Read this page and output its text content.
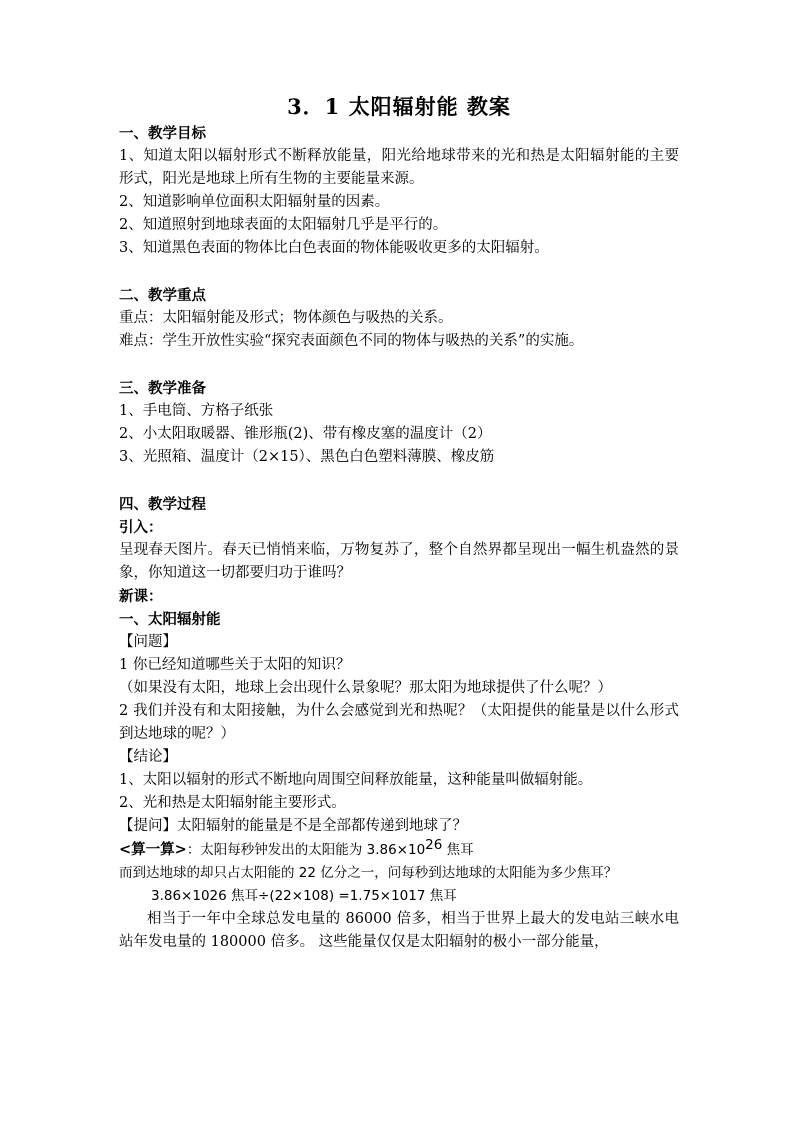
3．1 太阳辐射能 教案

一、教学目标

1、知道太阳以辐射形式不断释放能量，阳光给地球带来的光和热是太阳辐射能的主要形式，阳光是地球上所有生物的主要能量来源。

2、知道影响单位面积太阳辐射量的因素。

2、知道照射到地球表面的太阳辐射几乎是平行的。

3、知道黑色表面的物体比白色表面的物体能吸收更多的太阳辐射。

二、教学重点

重点：太阳辐射能及形式；物体颜色与吸热的关系。

难点：学生开放性实验“探究表面颜色不同的物体与吸热的关系”的实施。

三、教学准备

1、手电筒、方格子纸张

2、小太阳取暖器、锥形瓶(2)、带有橡皮塞的温度计（2）

3、光照箱、温度计（2×15）、黑色白色塑料薄膜、橡皮筋

四、教学过程

引入：

呈现春天图片。春天已悄悄来临，万物复苏了，整个自然界都呈现出一幅生机盎然的景象，你知道这一切都要归功于谁吗？

新课：

一、太阳辐射能

【问题】

1 你已经知道哪些关于太阳的知识？

（如果没有太阳，地球上会出现什么景象呢？那太阳为地球提供了什么呢？）

2 我们并没有和太阳接触，为什么会感觉到光和热呢？（太阳提供的能量是以什么形式到达地球的呢？）

【结论】

1、太阳以辐射的形式不断地向周围空间释放能量，这种能量叫做辐射能。

2、光和热是太阳辐射能主要形式。

【提问】太阳辐射的能量是不是全部都传递到地球了？

<算一算>：太阳每秒钟发出的太阳能为 $3.86\times 10^{26}$ 焦耳

而到达地球的却只占太阳能的 22 亿分之一，问每秒到达地球的太阳能为多少焦耳？

3.86×1026 焦耳÷(22×108) =1.75×1017 焦耳

相当于一年中全球总发电量的 86000 倍多，相当于世界上最大的发电站三峡水电站年发电量的 180000 倍多。 这些能量仅仅是太阳辐射的极小一部分能量，
